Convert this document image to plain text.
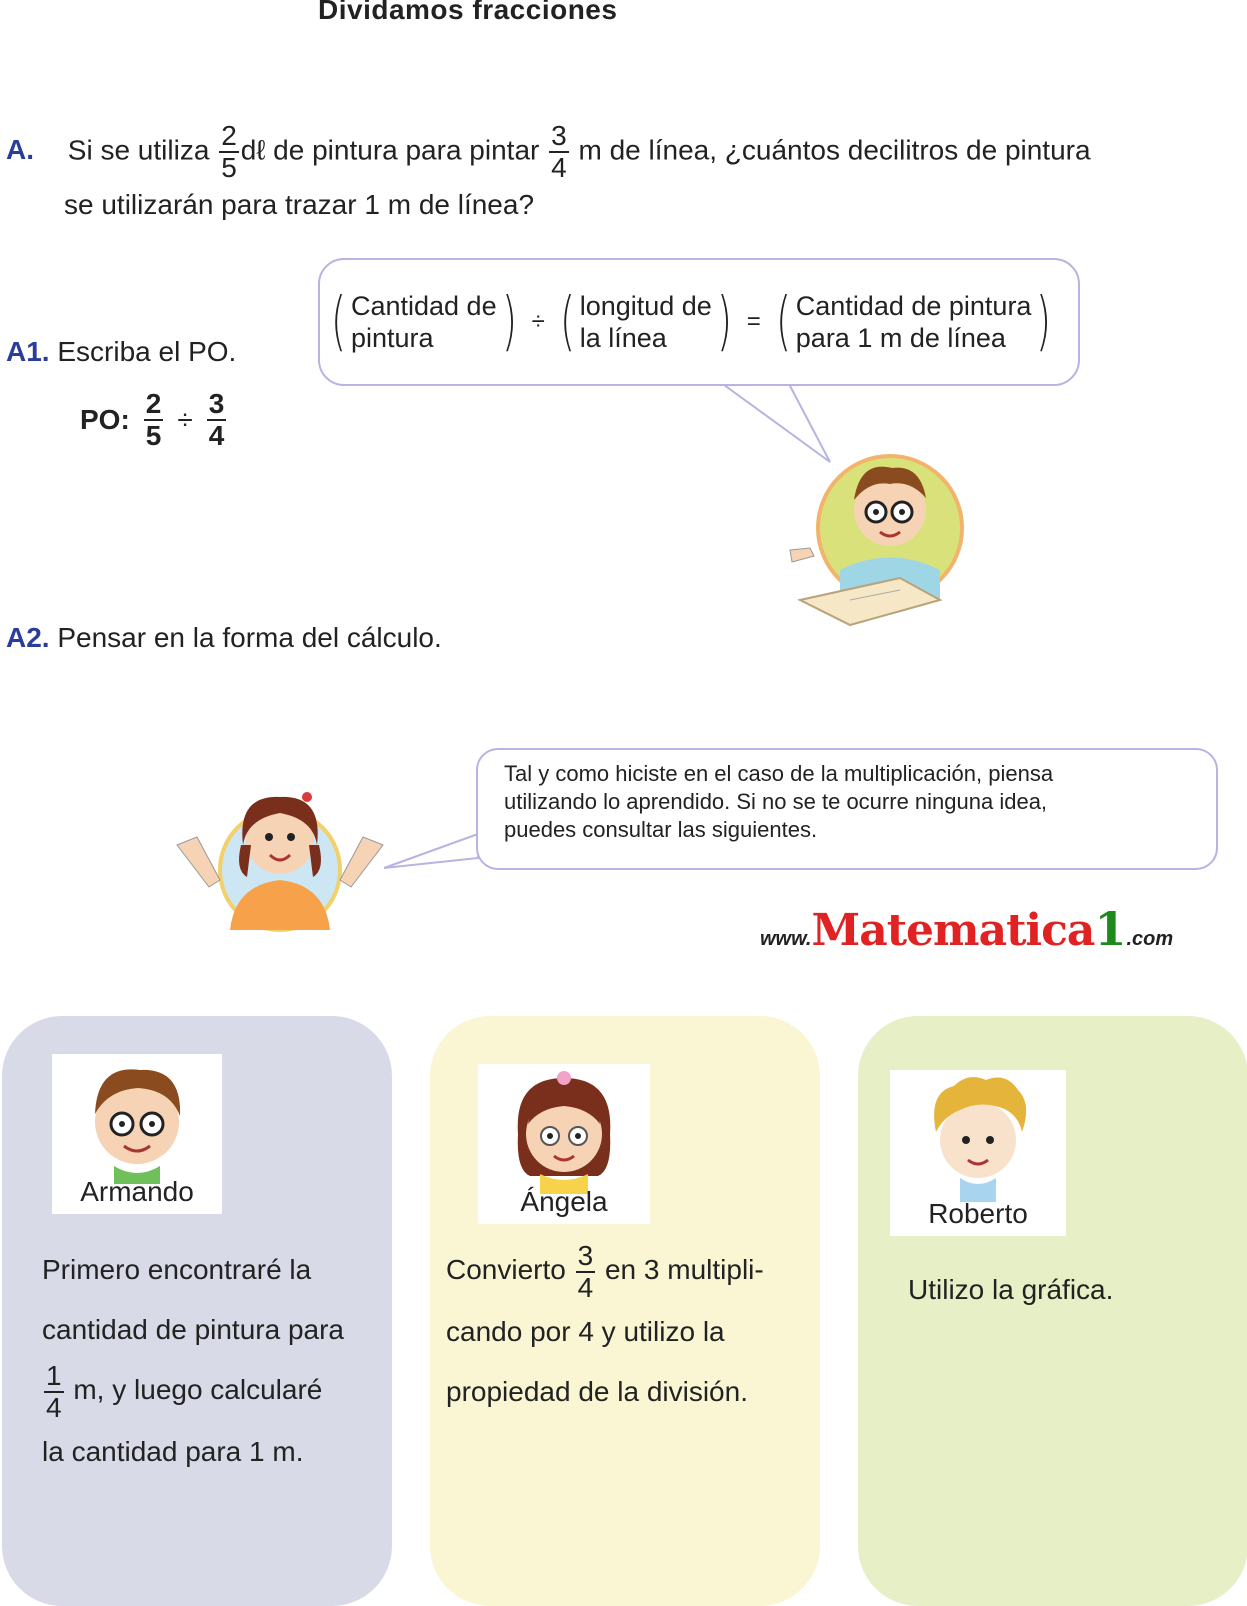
Dividamos fracciones
A. Si se utiliza $\frac{2}{5}$ dℓ de pintura para pintar $\frac{3}{4}$ m de línea, ¿cuántos decilitros de pintura
se utilizarán para trazar 1 m de línea?
( Cantidad de
pintura	) ÷ ( longitud de
la línea ) = ( Cantidad de pintura
para 1 m de línea )
A1. Escriba el PO.
PO: $\frac{2}{5} \div \frac{3}{4}$
A2. Pensar en la forma del cálculo.

Tal y como hiciste en el caso de la multiplicación, piensa
utilizando lo aprendido. Si no se te ocurre ninguna idea,
puedes consultar las siguientes.

www. Matematica 1 .com
Armando
Primero encontraré la
cantidad de pintura para
$\frac{1}{4} m$, y luego calcularé
la cantidad para 1 m.
Ángela
Convierto $\frac{3}{4}$ en 3 multipli-
cando por 4 y utilizo la
propiedad de la división.
Roberto
Utilizo la gráfica.
